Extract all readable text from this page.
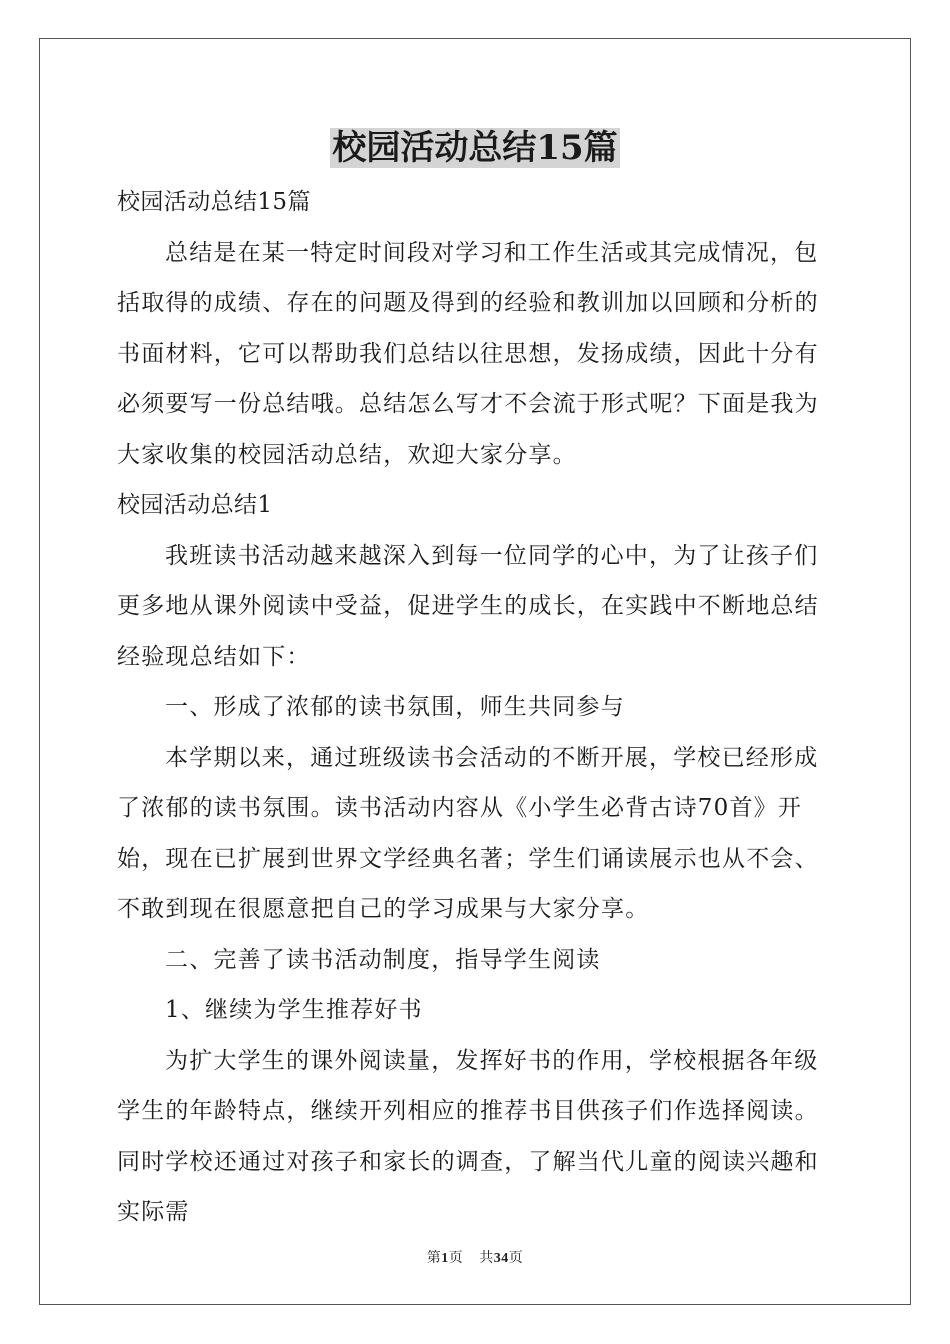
校园活动总结15篇

校园活动总结15篇

总结是在某一特定时间段对学习和工作生活或其完成情况，包括取得的成绩、存在的问题及得到的经验和教训加以回顾和分析的书面材料，它可以帮助我们总结以往思想，发扬成绩，因此十分有必须要写一份总结哦。总结怎么写才不会流于形式呢？下面是我为大家收集的校园活动总结，欢迎大家分享。

校园活动总结1

我班读书活动越来越深入到每一位同学的心中，为了让孩子们更多地从课外阅读中受益，促进学生的成长，在实践中不断地总结经验现总结如下：

一、形成了浓郁的读书氛围，师生共同参与

本学期以来，通过班级读书会活动的不断开展，学校已经形成了浓郁的读书氛围。读书活动内容从《小学生必背古诗70首》开始，现在已扩展到世界文学经典名著；学生们诵读展示也从不会、不敢到现在很愿意把自己的学习成果与大家分享。

二、完善了读书活动制度，指导学生阅读

1、继续为学生推荐好书

为扩大学生的课外阅读量，发挥好书的作用，学校根据各年级学生的年龄特点，继续开列相应的推荐书目供孩子们作选择阅读。同时学校还通过对孩子和家长的调查，了解当代儿童的阅读兴趣和实际需

第1页 共34页
